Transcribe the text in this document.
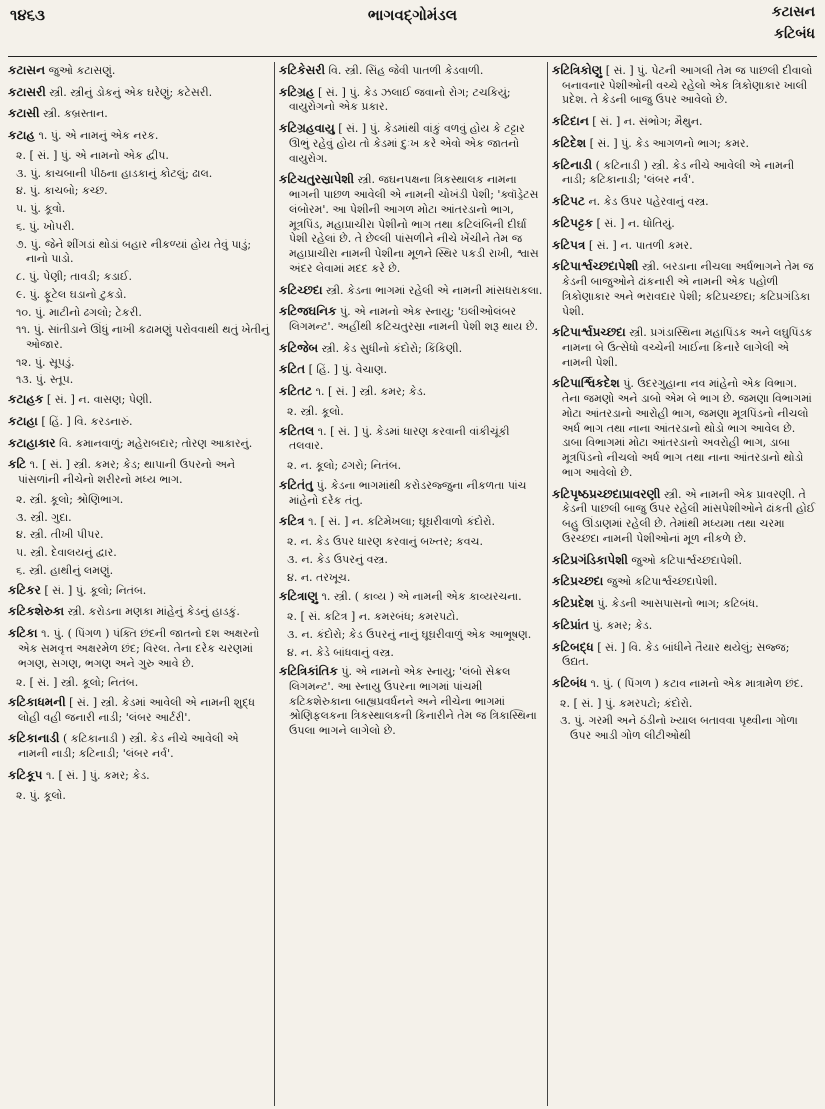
૧૪૬૩	ભાગવદ્ગોમંડલ	કટાસન
કટિબંધ

કટાસન જુઓ કટાસણું.

કટાસરી સ્ત્રી. સ્ત્રીનું ડોકનું એક ઘરેણું; કટેસરી.

કટાસી સ્ત્રી. કબ્રસ્તાન.

કટાહ ૧. પું. એ નામનું એક નરક.

૨. [ સં. ] પું. એ નામનો એક દ્વીપ.

૩. પું. કાચબાની પીઠના હાડકાનું કોટલું; ઢાલ.

૪. પું. કાચબો; કચ્છ.

૫. પું. કૂવો.

૬. પું. ખોપરી.

૭. પું. જેને શીંગડાં થોડાં બહાર નીકળ્યાં હોય તેવું પાડું; નાનો પાડો.

૮. પું. પેણી; તાવડી; કડાઈ.

૯. પું. ફૂટેલ ઘડાનો ટુકડો.

૧૦. પું. માટીનો ઢગલો; ટેકરી.

૧૧. પું. સાંતીડાને ઊંધું નાખી કઢામણું પરોવવાથી થતું ખેતીનું ઓજાર.

૧૨. પું. સૂપડું.

૧૩. પું. સ્તૂપ.

કટાહક [ સં. ] ન. વાસણ; પેણી.

કટાહા [ હિં. ] વિ. કરડનારું.

કટાહાકાર વિ. કમાનવાળું; મહેરાબદાર; તોરણ આકારનું.

કટિ ૧. [ સં. ] સ્ત્રી. કમર; કેડ; થાપાની ઉપરનો અને પાંસળાંની નીચેનો શરીરનો મધ્ય ભાગ.

૨. સ્ત્રી. કૂલો; શ્રોણિભાગ.

૩. સ્ત્રી. ગુદા.

૪. સ્ત્રી. તીખી પીપર.

૫. સ્ત્રી. દેવાલયનું દ્વાર.

૬. સ્ત્રી. હાથીનું લમણું.

કટિકર [ સં. ] પું. કૂલો; નિતંબ.

કટિકશેરુકા સ્ત્રી. કરોડના મણકા માંહેનું કેડનું હાડકું.

કટિકા ૧. પું. ( પિંગળ ) પંક્તિ છંદની જાતનો દશ અક્ષરનો એક સમવૃત્ત અક્ષરમેળ છંદ; વિરલ. તેના દરેક ચરણમાં ભગણ, સગણ, ભગણ અને ગુરુ આવે છે.

૨. [ સં. ] સ્ત્રી. કૂલો; નિતંબ.

કટિકાધમની [ સં. ] સ્ત્રી. કેડમાં આવેલી એ નામની શુદ્ધ લોહી વહી જનારી નાડી; 'લંબર આર્ટરી'.

કટિકાનાડી ( કટિકાનાડી ) સ્ત્રી. કેડ નીચે આવેલી એ નામની નાડી; કટિનાડી; 'લંબર નર્વ'.

કટિકૂપ ૧. [ સં. ] પું. કમર; કેડ.

૨. પું. કૂલો.

કટિકેસરી વિ. સ્ત્રી. સિંહ જેવી પાતળી કેડવાળી.

કટિગ્રહ [ સં. ] પું. કેડ ઝલાઈ જવાનો રોગ; ટચકિયું; વાયુરોગનો એક પ્રકાર.

કટિગ્રહવાયુ [ સં. ] પું. કેડમાંથી વાંકું વળવું હોય કે ટટ્ટાર ઊભું રહેવું હોય તો કેડમાં દુઃખ કરે એવો એક જાતનો વાયુરોગ.

કટિચતુરસ્રાપેશી સ્ત્રી. જઘનપક્ષના ત્રિકસ્થાલક નામના ભાગની પાછળ આવેલી એ નામની ચોખંડી પેશી; 'ક્વૉડ્રેટસ લંબોરમ'. આ પેશીની આગળ મોટા આંતરડાનો ભાગ, મૂત્રપિંડ, મહાપ્રાચીરા પેશીનો ભાગ તથા કટિલંબિની દીર્ઘા પેશી રહેલાં છે. તે છેલ્લી પાંસળીને નીચે ખેંચીને તેમ જ મહાપ્રાચીરા નામની પેશીના મૂળને સ્થિર પકડી રાખી, શ્વાસ અંદર લેવામાં મદદ કરે છે.

કટિચ્છદા સ્ત્રી. કેડના ભાગમાં રહેલી એ નામની માંસધરાકલા.

કટિજઘનિક પું. એ નામનો એક સ્નાયુ; 'ઇલીઓલંબર લિગમન્ટ'. અહીંથી કટિચતુરસ્રા નામની પેશી શરૂ થાય છે.

કટિજેબ સ્ત્રી. કેડ સુધીનો કંદોરો; કિંકિણી.

કટિત [ હિં. ] પું. વેચાણ.

કટિતટ ૧. [ સં. ] સ્ત્રી. કમર; કેડ.

૨. સ્ત્રી. કૂલો.

કટિતલ ૧. [ સં. ] પું. કેડમાં ધારણ કરવાની વાંકીચૂંકી તલવાર.

૨. ન. કૂલો; ઢગરો; નિતંબ.

કટિતંતુ પું. કેડના ભાગમાંથી કરોડરજ્જુના નીકળતા પાંચ માંહેનો દરેક તંતુ.

કટિત્ર ૧. [ સં. ] ન. કટિમેખલા; ઘૂઘરીવાળો કંદોરો.

૨. ન. કેડ ઉપર ધારણ કરવાનું બખ્તર; કવચ.

૩. ન. કેડ ઉપરનું વસ્ત્ર.

૪. ન. તરખૂચ.

કટિત્રાણુ ૧. સ્ત્રી. ( કાવ્ય ) એ નામની એક કાવ્યરચના.

૨. [ સં. કટિત્ર ] ન. કમરબંધ; કમરપટો.

૩. ન. કંદોરો; કેડ ઉપરનું નાનું ઘૂઘરીવાળું એક આભૂષણ.

૪. ન. કેડે બાંધવાનું વસ્ત્ર.

કટિત્રિકાંતિક પું. એ નામનો એક સ્નાયુ; 'લંબો સેક્રલ લિગમન્ટ'. આ સ્નાયુ ઉપરના ભાગમાં પાંચમી કટિકશેરુકાના બાહ્યપ્રવર્ધનને અને નીચેના ભાગમાં શ્રોણિફલકના ત્રિકસ્થાલકની કિનારીને તેમ જ ત્રિકાસ્થિના ઉપલા ભાગને લાગેલો છે.

કટિત્રિકોણુ [ સં. ] પું. પેટની આગલી તેમ જ પાછલી દીવાલો બનાવનાર પેશીઓની વચ્ચે રહેલો એક ત્રિકોણાકાર ખાલી પ્રદેશ. તે કેડની બાજુ ઉપર આવેલો છે.

કટિદાન [ સં. ] ન. સંભોગ; મૈથુન.

કટિદેશ [ સં. ] પું. કેડ આગળનો ભાગ; કમર.

કટિનાડી ( કટિનાડી ) સ્ત્રી. કેડ નીચે આવેલી એ નામની નાડી; કટિકાનાડી; 'લંબર નર્વ'.

કટિપટ ન. કેડ ઉપર પહેરવાનું વસ્ત્ર.

કટિપટ્ટક [ સં. ] ન. ધોતિયું.

કટિપત્ર [ સં. ] ન. પાતળી કમર.

કટિપાર્શ્વચ્છદાપેશી સ્ત્રી. બરડાના નીચલા અર્ધભાગને તેમ જ કેડની બાજુઓને ઢાંકનારી એ નામની એક પહોળી ત્રિકોણાકાર અને ભરાવદાર પેશી; કટિપ્રચ્છદા; કટિપ્રગંડિકા પેશી.

કટિપાર્શ્વપ્રચ્છદા સ્ત્રી. પ્રગંડાસ્થિના મહાપિંડક અને લઘુપિંડક નામના બે ઉત્સેધો વચ્ચેની ખાઈના કિનારે લાગેલી એ નામની પેશી.

કટિપાર્શ્વિકદેશ પું. ઉદરગુહાના નવ માંહેનો એક વિભાગ. તેના જમણો અને ડાબો એમ બે ભાગ છે. જમણા વિભાગમાં મોટા આંતરડાનો આરોહી ભાગ, જમણા મૂત્રપિંડનો નીચલો અર્ધ ભાગ તથા નાના આંતરડાનો થોડો ભાગ આવેલ છે. ડાબા વિભાગમાં મોટા આંતરડાનો અવરોહી ભાગ, ડાબા મૂત્રપિંડનો નીચલો અર્ધ ભાગ તથા નાના આંતરડાનો થોડો ભાગ આવેલો છે.

કટિપૃષ્ઠપ્રચ્છદાપ્રાવરણી સ્ત્રી. એ નામની એક પ્રાવરણી. તે કેડની પાછલી બાજુ ઉપર રહેલી માંસપેશીઓને ઢાંકતી હોઈ બહુ ઊંડાણમાં રહેલી છે. તેમાંથી મધ્યમા તથા ચરમા ઉરચ્છદા નામની પેશીઓનાં મૂળ નીકળે છે.

કટિપ્રગંડિકાપેશી જુઓ કટિપાર્શ્વચ્છદાપેશી.

કટિપ્રચ્છદા જુઓ કટિપાર્શ્વચ્છદાપેશી.

કટિપ્રદેશ પું. કેડની આસપાસનો ભાગ; કટિબંધ.

કટિપ્રાંત પું. કમર; કેડ.

કટિબદ્ધ [ સં. ] વિ. કેડ બાંધીને તૈયાર થયેલું; સજ્જ; ઉદ્યત.

કટિબંધ ૧. પું. ( પિંગળ ) કટાવ નામનો એક માત્રામેળ છંદ.

૨. [ સં. ] પું. કમરપટો; કંદોરો.

૩. પું. ગરમી અને ઠંડીનો ખ્યાલ બતાવવા પૃથ્વીના ગોળા ઉપર આડી ગોળ લીટીઓથી
